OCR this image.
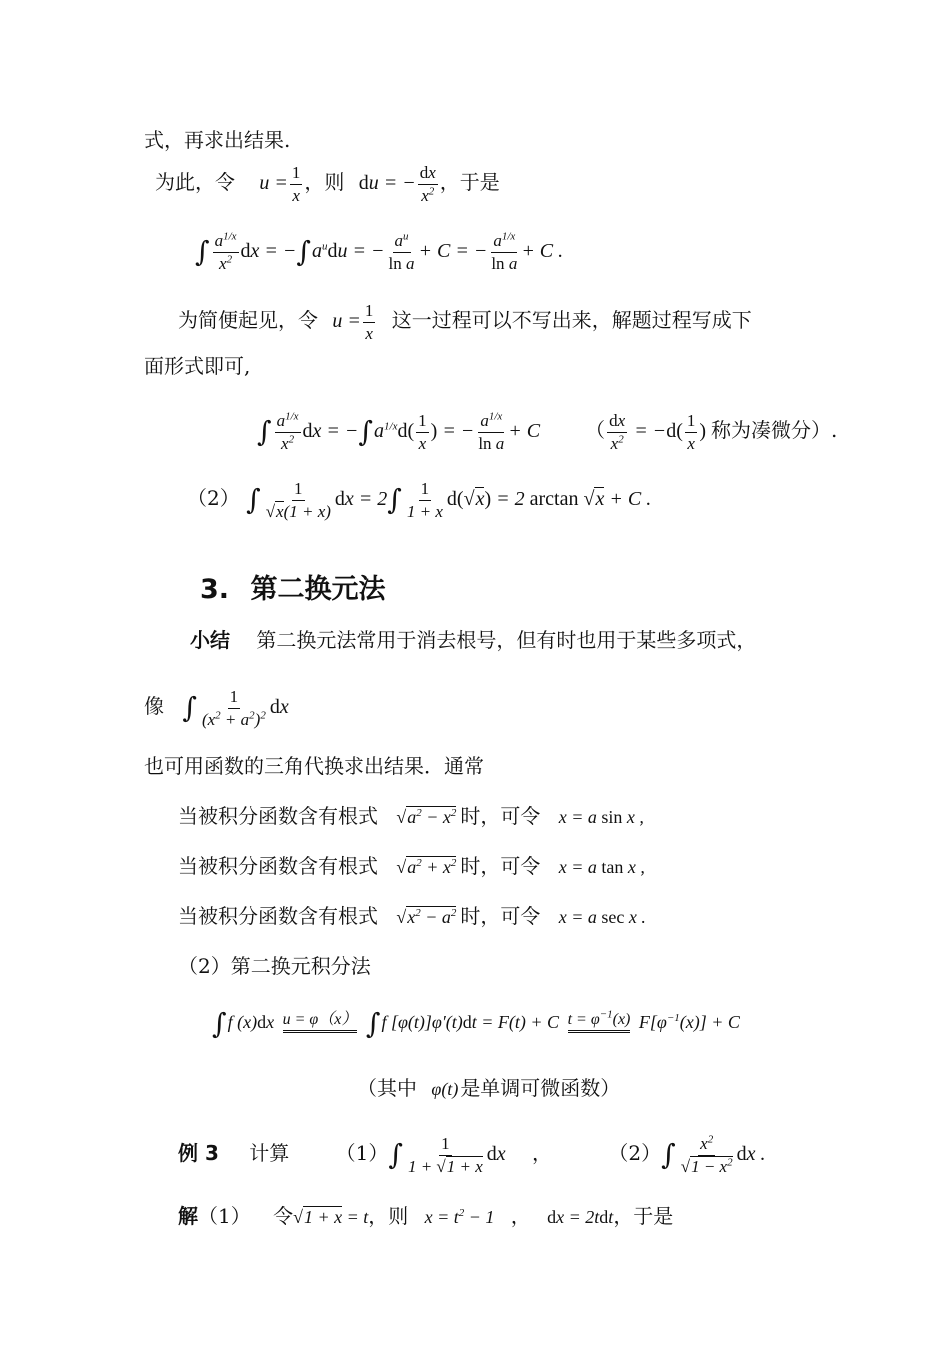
式，再求出结果.
为此，令 $u = \frac{1}{x}$ ，则 du = − $\frac{dx}{x^2}$ ，于是
∫ $\frac{a^{1/x}}{x^2}$ dx = $-\int a^udu$ = − $\frac{a^u}{\text{ln a}} + C$ = − $\frac{a^{1/x}}{\text{ln a}} + C$ .
为简便起见，令 $u = \frac{1}{x}$ 这一过程可以不写出来，解题过程写成下
面形式即可,
∫ $\frac{a^{1/x}}{x^2}$ dx = $-\int a^{1/x}d( \frac{1}{x}$ ) = − $\frac{a^{1/x}}{\text{ln a}} + C$ （ $\frac{dx}{x^2} = -d( \frac{1}{x}$ ) 称为凑微分）.
（2） ∫ $\frac{1}{√x(1 + x)}$ dx = $2\int \frac{1}{1 + x} d(√x) = 2$ arctan √x + C .
3. 第二换元法
小结 第二换元法常用于消去根号，但有时也用于某些多项式，
像 ∫ $\frac{1}{(x^2 + a^2)^2}$ dx
也可用函数的三角代换求出结果．通常
当被积分函数含有根式 $√a^2 - x^2$ 时，可令 x = a sin x ,
当被积分函数含有根式 $√a^2 + x^2$ 时，可令 x = a tan x ,
当被积分函数含有根式 $√x^2 - a^2$ 时，可令 x = a sec x .
（2）第二换元积分法
∫f (x)dx u = φ（x） ∫f [φ(t)]φ′(t)dt = F(t) + C $t = \varphi^{-1}(x) F[\varphi^{-1}(x)] + C$
（其中 φ(t) 是单调可微函数）
例 3 计算 $(1)\int \frac{1}{1 + √1 + x}$ dx ，	$(2)\int \frac{x^2}{√1 - x^2}$ dx .
解（1） 令√1 + x = t，则 $x = t^2 - 1$ ， dx = 2tdt，于是
